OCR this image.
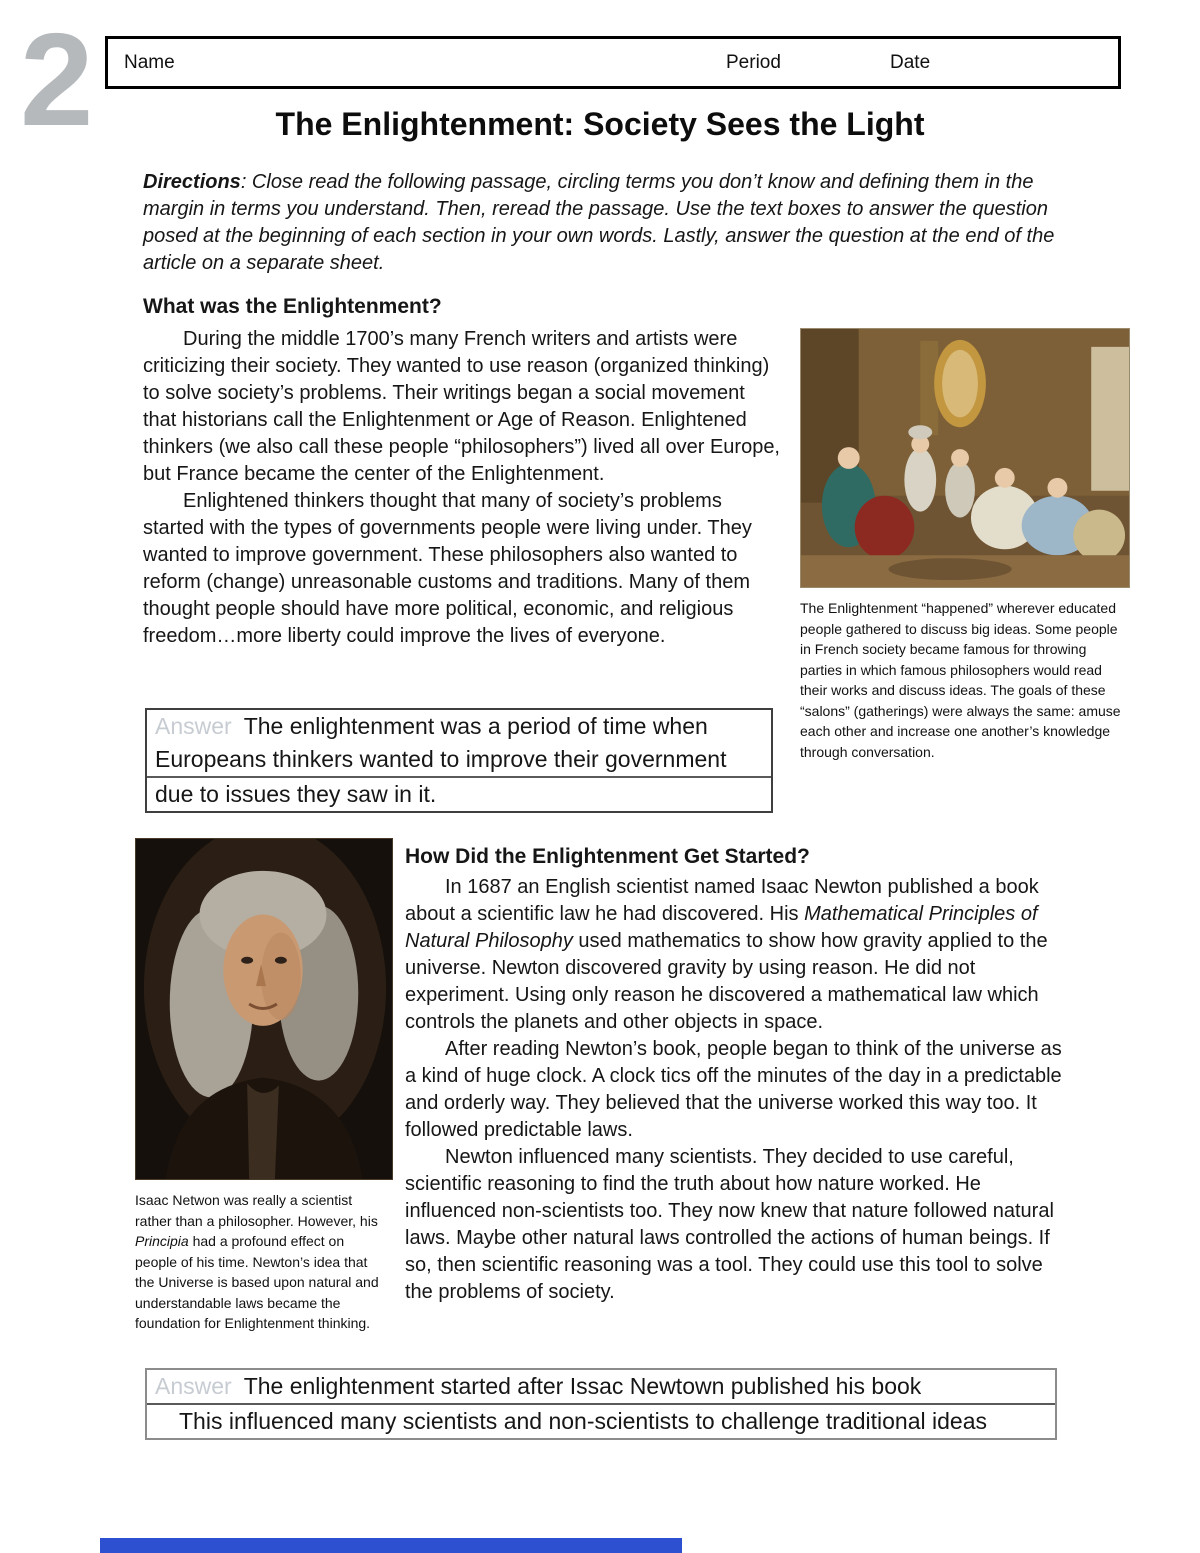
2 Name	Period	Date
The Enlightenment: Society Sees the Light
Directions: Close read the following passage, circling terms you don’t know and defining them in the margin in terms you understand. Then, reread the passage. Use the text boxes to answer the question posed at the beginning of each section in your own words. Lastly, answer the question at the end of the article on a separate sheet.
What was the Enlightenment?

During the middle 1700’s many French writers and artists were criticizing their society. They wanted to use reason (organized thinking) to solve society’s problems. Their writings began a social movement that historians call the Enlightenment or Age of Reason. Enlightened thinkers (we also call these people “philosophers”) lived all over Europe, but France became the center of the Enlightenment.

Enlightened thinkers thought that many of society’s problems started with the types of governments people were living under. They wanted to improve government. These philosophers also wanted to reform (change) unreasonable customs and traditions. Many of them thought people should have more political, economic, and religious freedom…more liberty could improve the lives of everyone.

The Enlightenment “happened” wherever educated people gathered to discuss big ideas. Some people in French society became famous for throwing parties in which famous philosophers would read their works and discuss ideas. The goals of these “salons” (gatherings) were always the same: amuse each other and increase one another’s knowledge through conversation.
Answer The enlightenment was a period of time when
Europeans thinkers wanted to improve their government
due to issues they saw in it.
Isaac Netwon was really a scientist rather than a philosopher. However, his Principia had a profound effect on people of his time. Newton’s idea that the Universe is based upon natural and understandable laws became the foundation for Enlightenment thinking.
How Did the Enlightenment Get Started?

In 1687 an English scientist named Isaac Newton published a book about a scientific law he had discovered. His Mathematical Principles of Natural Philosophy used mathematics to show how gravity applied to the universe. Newton discovered gravity by using reason. He did not experiment. Using only reason he discovered a mathematical law which controls the planets and other objects in space.

After reading Newton’s book, people began to think of the universe as a kind of huge clock. A clock tics off the minutes of the day in a predictable and orderly way. They believed that the universe worked this way too. It followed predictable laws.

Newton influenced many scientists. They decided to use careful, scientific reasoning to find the truth about how nature worked. He influenced non-scientists too. They now knew that nature followed natural laws. Maybe other natural laws controlled the actions of human beings. If so, then scientific reasoning was a tool. They could use this tool to solve the problems of society.

Answer The enlightenment started after Issac Newtown published his book
This influenced many scientists and non-scientists to challenge traditional ideas
